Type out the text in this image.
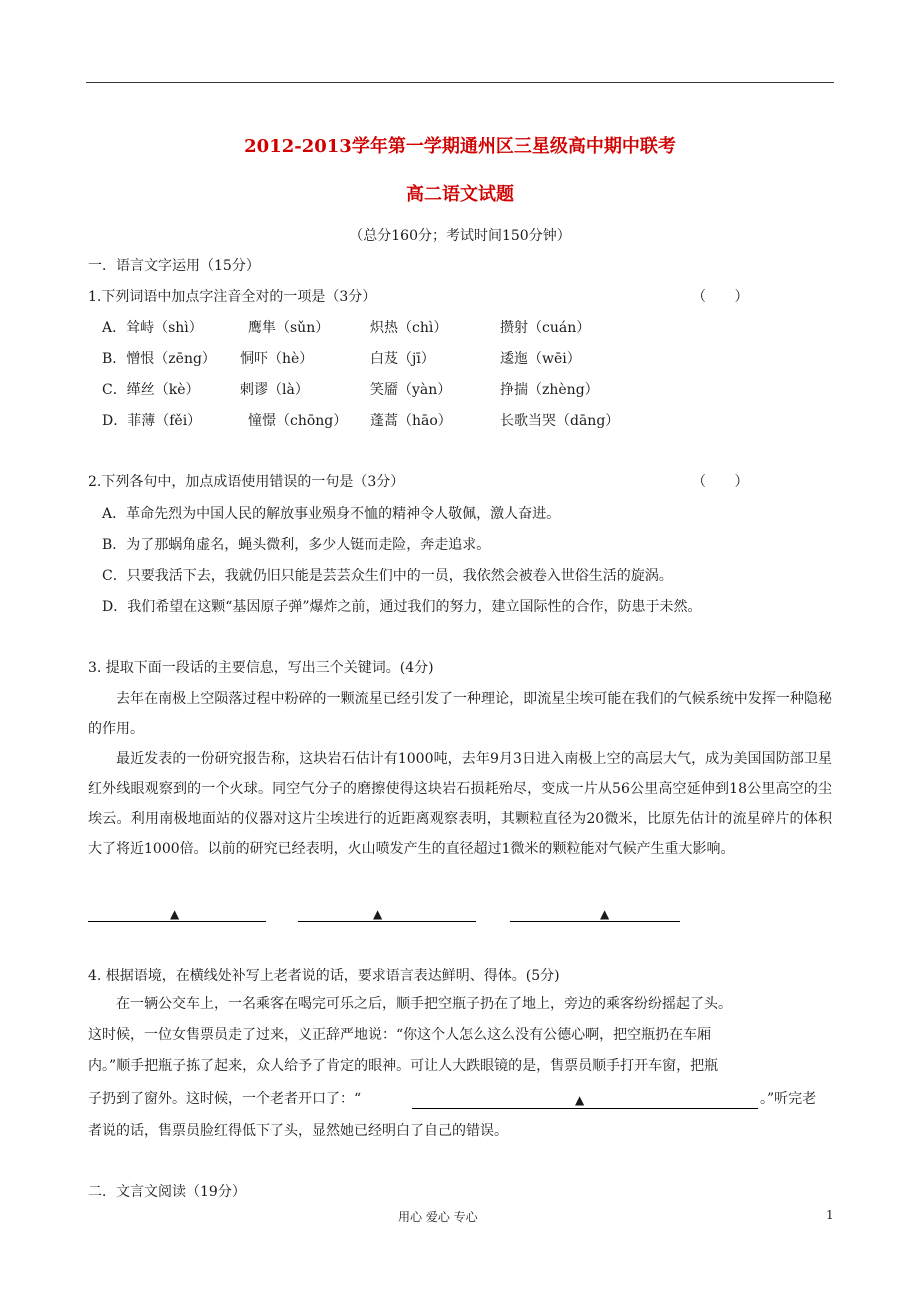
2012-2013学年第一学期通州区三星级高中期中联考
高二语文试题
（总分160分；考试时间150分钟）
一．语言文字运用（15分）
1.下列词语中加点字注音全对的一项是（3分）	（ ）
A．耸峙（shì）	鹰隼（sǔn）	炽热（chì）	攒射（cuán）
B．憎恨（zēng） 恫吓（hè）	白芨（jī）	逶迤（wēi）
C．缂丝（kè）	剌谬（là）	笑靥（yàn）	挣揣（zhèng）
D．菲薄（fěi）	憧憬（chōng） 蓬蒿（hāo）	长歌当哭（dāng）
2.下列各句中，加点成语使用错误的一句是（3分）	（ ）
A．革命先烈为中国人民的解放事业殒身不恤的精神令人敬佩，激人奋进。
B．为了那蜗角虚名，蝇头微利，多少人铤而走险，奔走追求。
C．只要我活下去，我就仍旧只能是芸芸众生们中的一员，我依然会被卷入世俗生活的旋涡。
D．我们希望在这颗“基因原子弹”爆炸之前，通过我们的努力，建立国际性的合作，防患于未然。
3. 提取下面一段话的主要信息，写出三个关键词。(4分)
去年在南极上空陨落过程中粉碎的一颗流星已经引发了一种理论，即流星尘埃可能在我们的气候系统中发挥一种隐秘的作用。
最近发表的一份研究报告称，这块岩石估计有1000吨，去年9月3日进入南极上空的高层大气，成为美国国防部卫星红外线眼观察到的一个火球。同空气分子的磨擦使得这块岩石损耗殆尽，变成一片从56公里高空延伸到18公里高空的尘埃云。利用南极地面站的仪器对这片尘埃进行的近距离观察表明，其颗粒直径为20微米，比原先估计的流星碎片的体积大了将近1000倍。以前的研究已经表明，火山喷发产生的直径超过1微米的颗粒能对气候产生重大影响。
▲	▲	▲
4. 根据语境，在横线处补写上老者说的话，要求语言表达鲜明、得体。(5分)
在一辆公交车上，一名乘客在喝完可乐之后，顺手把空瓶子扔在了地上，旁边的乘客纷纷摇起了头。
这时候，一位女售票员走了过来，义正辞严地说：“你这个人怎么这么没有公德心啊，把空瓶扔在车厢
内。”顺手把瓶子拣了起来，众人给予了肯定的眼神。可让人大跌眼镜的是，售票员顺手打开车窗，把瓶
子扔到了窗外。这时候，一个老者开口了：“	▲	。”听完老
者说的话，售票员脸红得低下了头，显然她已经明白了自己的错误。
二．文言文阅读（19分）
用心 爱心 专心	1
